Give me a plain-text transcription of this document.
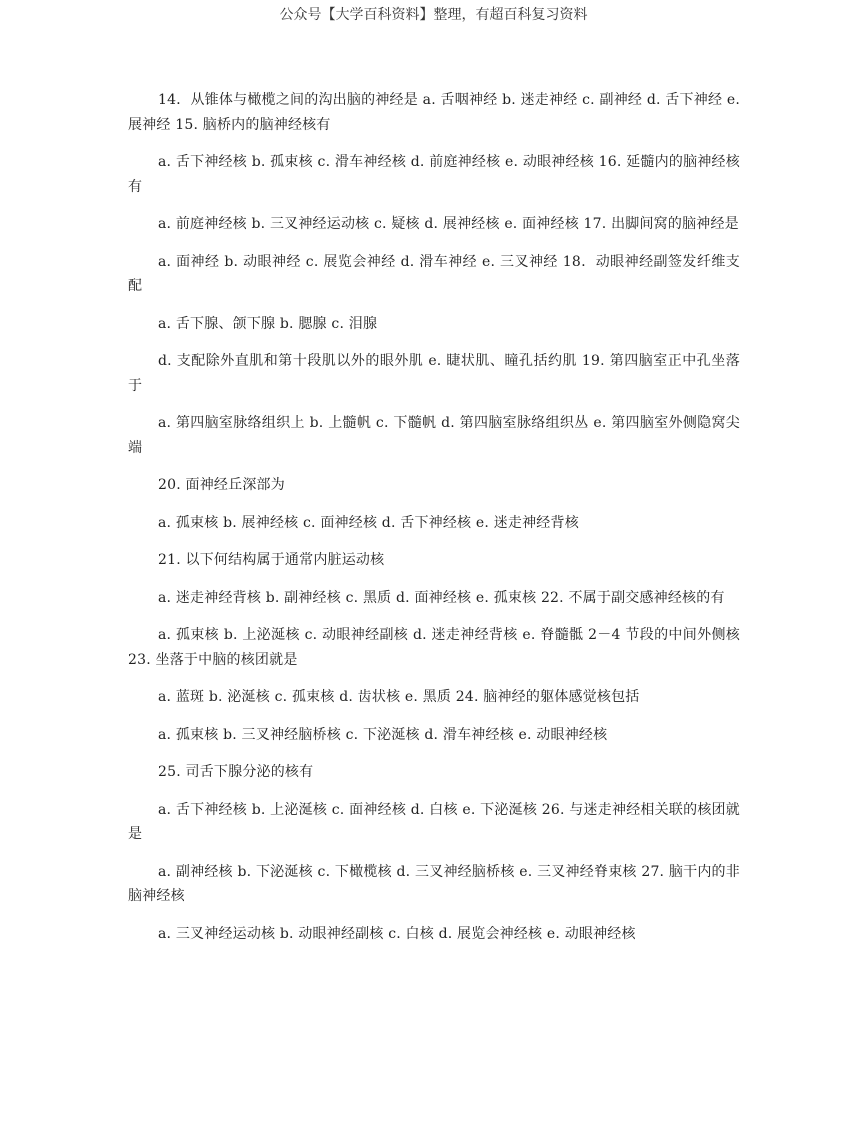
公众号【大学百科资料】整理，有超百科复习资料

14．从锥体与橄榄之间的沟出脑的神经是 a. 舌咽神经 b. 迷走神经 c. 副神经 d. 舌下神经 e. 展神经 15. 脑桥内的脑神经核有

a. 舌下神经核 b. 孤束核 c. 滑车神经核 d. 前庭神经核 e. 动眼神经核 16. 延髓内的脑神经核有

a. 前庭神经核 b. 三叉神经运动核 c. 疑核 d. 展神经核 e. 面神经核 17. 出脚间窝的脑神经是

a. 面神经 b. 动眼神经 c. 展览会神经 d. 滑车神经 e. 三叉神经 18．动眼神经副签发纤维支配

a. 舌下腺、颌下腺 b. 腮腺 c. 泪腺

d. 支配除外直肌和第十段肌以外的眼外肌 e. 睫状肌、瞳孔括约肌 19. 第四脑室正中孔坐落于

a. 第四脑室脉络组织上 b. 上髓帆 c. 下髓帆 d. 第四脑室脉络组织丛 e. 第四脑室外侧隐窝尖端

20. 面神经丘深部为

a. 孤束核 b. 展神经核 c. 面神经核 d. 舌下神经核 e. 迷走神经背核

21. 以下何结构属于通常内脏运动核

a. 迷走神经背核 b. 副神经核 c. 黑质 d. 面神经核 e. 孤束核 22. 不属于副交感神经核的有

a. 孤束核 b. 上泌涎核 c. 动眼神经副核 d. 迷走神经背核 e. 脊髓骶 2－4 节段的中间外侧核 23. 坐落于中脑的核团就是

a. 蓝斑 b. 泌涎核 c. 孤束核 d. 齿状核 e. 黑质 24. 脑神经的躯体感觉核包括

a. 孤束核 b. 三叉神经脑桥核 c. 下泌涎核 d. 滑车神经核 e. 动眼神经核

25. 司舌下腺分泌的核有

a. 舌下神经核 b. 上泌涎核 c. 面神经核 d. 白核 e. 下泌涎核 26. 与迷走神经相关联的核团就是

a. 副神经核 b. 下泌涎核 c. 下橄榄核 d. 三叉神经脑桥核 e. 三叉神经脊束核 27. 脑干内的非脑神经核

a. 三叉神经运动核 b. 动眼神经副核 c. 白核 d. 展览会神经核 e. 动眼神经核
